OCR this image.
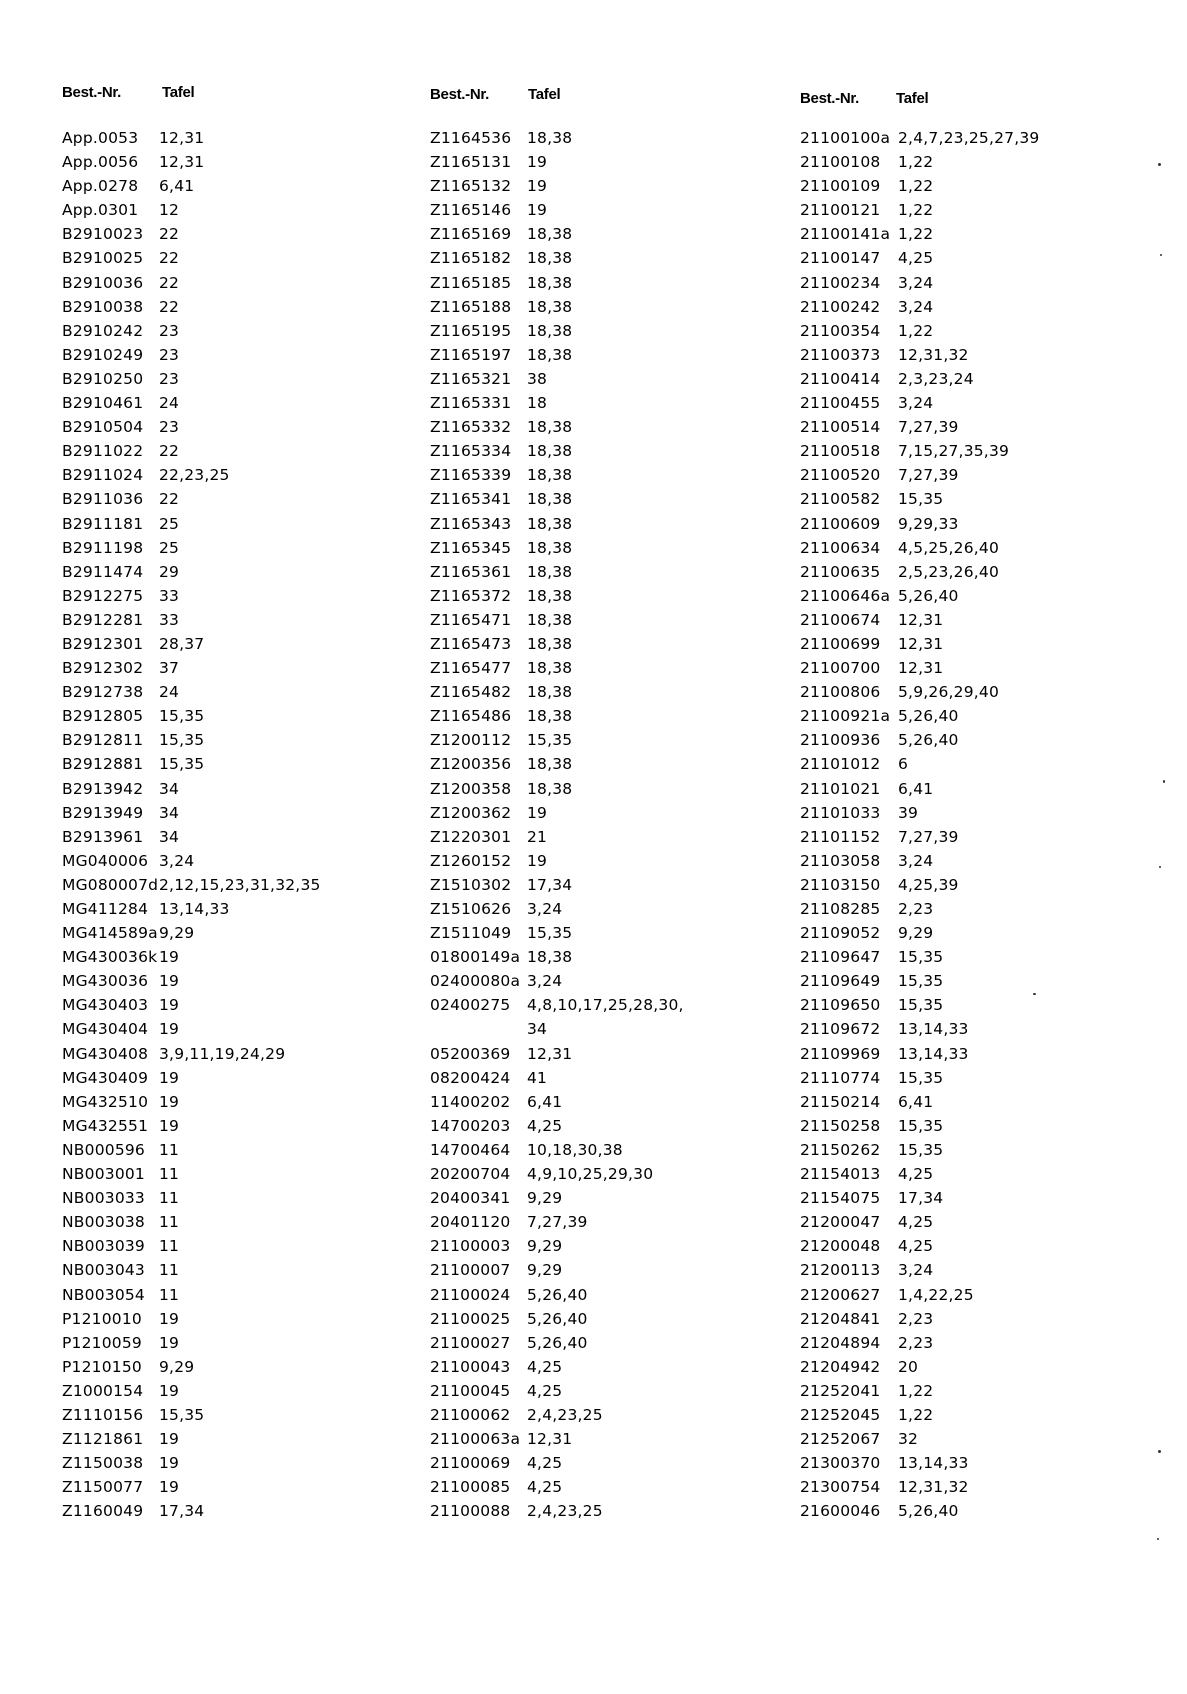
Best.-Nr.	Tafel
App.0053 12,31
App.0056 12,31
App.0278 6,41
App.0301 12
B2910023 22
B2910025 22
B2910036 22
B2910038 22
B2910242 23
B2910249 23
B2910250 23
B2910461 24
B2910504 23
B2911022 22
B2911024 22,23,25
B2911036 22
B2911181 25
B2911198 25
B2911474 29
B2912275 33
B2912281 33
B2912301 28,37
B2912302 37
B2912738 24
B2912805 15,35
B2912811 15,35
B2912881 15,35
B2913942 34
B2913949 34
B2913961 34
MG040006 3,24
MG080007d 2,12,15,23,31,32,35
MG411284 13,14,33
MG414589a 9,29
MG430036k 19
MG430036 19
MG430403 19
MG430404 19
MG430408 3,9,11,19,24,29
MG430409 19
MG432510 19
MG432551 19
NB000596 11
NB003001 11
NB003033 11
NB003038 11
NB003039 11
NB003043 11
NB003054 11
P1210010 19
P1210059 19
P1210150 9,29
Z1000154 19
Z1110156 15,35
Z1121861 19
Z1150038 19
Z1150077 19
Z1160049 17,34
Best.-Nr.	Tafel
Z1164536 18,38
Z1165131 19
Z1165132 19
Z1165146 19
Z1165169 18,38
Z1165182 18,38
Z1165185 18,38
Z1165188 18,38
Z1165195 18,38
Z1165197 18,38
Z1165321 38
Z1165331 18
Z1165332 18,38
Z1165334 18,38
Z1165339 18,38
Z1165341 18,38
Z1165343 18,38
Z1165345 18,38
Z1165361 18,38
Z1165372 18,38
Z1165471 18,38
Z1165473 18,38
Z1165477 18,38
Z1165482 18,38
Z1165486 18,38
Z1200112 15,35
Z1200356 18,38
Z1200358 18,38
Z1200362 19
Z1220301 21
Z1260152 19
Z1510302 17,34
Z1510626 3,24
Z1511049 15,35
01800149a 18,38
02400080a 3,24
02400275 4,8,10,17,25,28,30,
34
05200369 12,31
08200424 41
11400202 6,41
14700203 4,25
14700464 10,18,30,38
20200704 4,9,10,25,29,30
20400341 9,29
20401120 7,27,39
21100003 9,29
21100007 9,29
21100024 5,26,40
21100025 5,26,40
21100027 5,26,40
21100043 4,25
21100045 4,25
21100062 2,4,23,25
21100063a 12,31
21100069 4,25
21100085 4,25
21100088 2,4,23,25
Best.-Nr. Tafel
21100100a 2,4,7,23,25,27,39
21100108 1,22
21100109 1,22
21100121 1,22
21100141a 1,22
21100147 4,25
21100234 3,24
21100242 3,24
21100354 1,22
21100373 12,31,32
21100414 2,3,23,24
21100455 3,24
21100514 7,27,39
21100518 7,15,27,35,39
21100520 7,27,39
21100582 15,35
21100609 9,29,33
21100634 4,5,25,26,40
21100635 2,5,23,26,40
21100646a 5,26,40
21100674 12,31
21100699 12,31
21100700 12,31
21100806 5,9,26,29,40
21100921a 5,26,40
21100936 5,26,40
21101012 6
21101021 6,41
21101033 39
21101152 7,27,39
21103058 3,24
21103150 4,25,39
21108285 2,23
21109052 9,29
21109647 15,35
21109649 15,35
21109650 15,35
21109672 13,14,33
21109969 13,14,33
21110774 15,35
21150214 6,41
21150258 15,35
21150262 15,35
21154013 4,25
21154075 17,34
21200047 4,25
21200048 4,25
21200113 3,24
21200627 1,4,22,25
21204841 2,23
21204894 2,23
21204942 20
21252041 1,22
21252045 1,22
21252067 32
21300370 13,14,33
21300754 12,31,32
21600046 5,26,40
